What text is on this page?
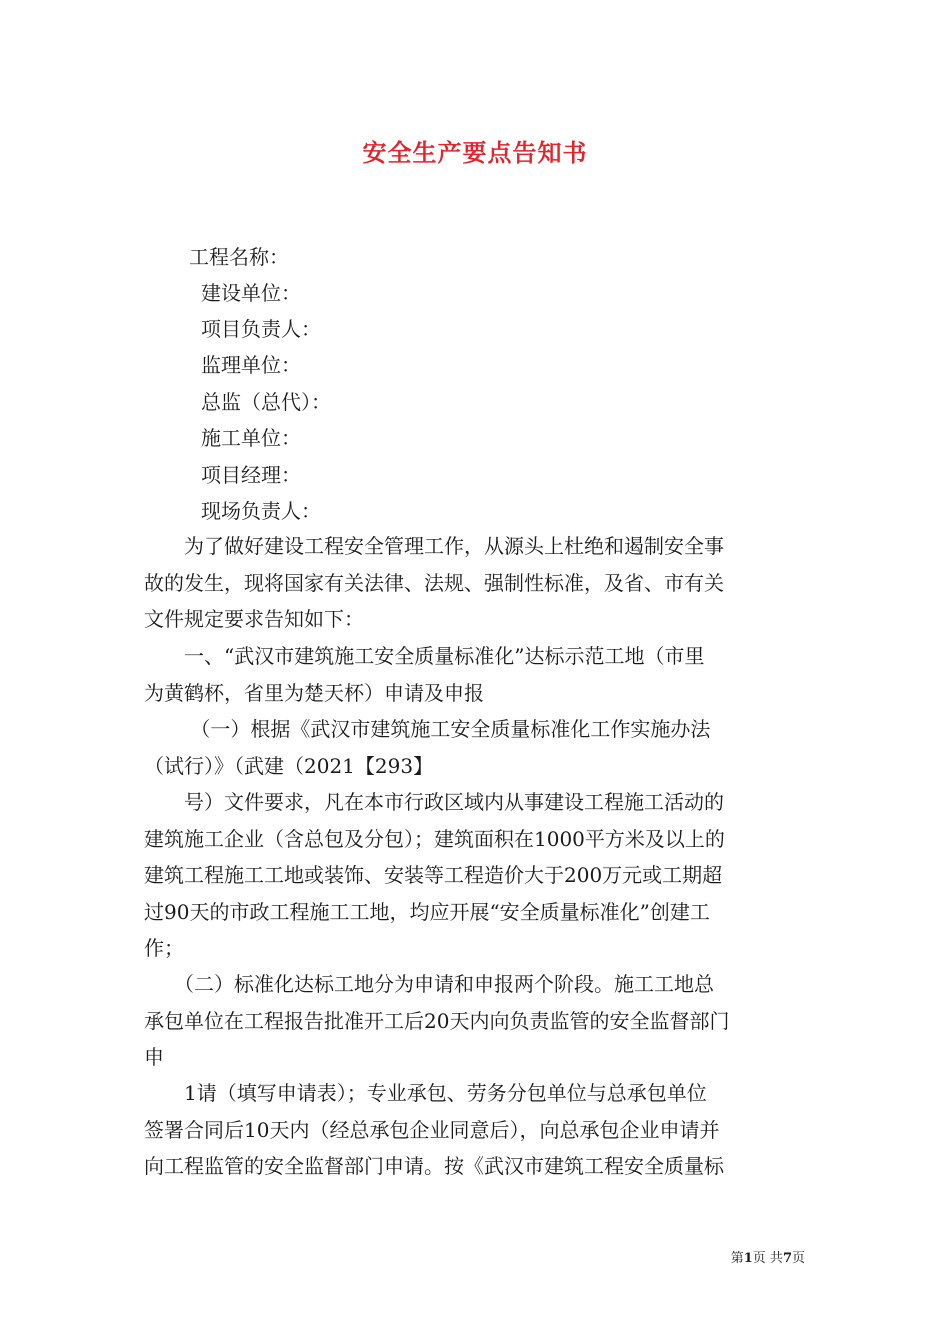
安全生产要点告知书
工程名称：
建设单位：
项目负责人：
监理单位：
总监（总代）：
施工单位：
项目经理：
现场负责人：
　　为了做好建设工程安全管理工作，从源头上杜绝和遏制安全事
故的发生，现将国家有关法律、法规、强制性标准，及省、市有关
文件规定要求告知如下：
　　一、“武汉市建筑施工安全质量标准化”达标示范工地（市里
为黄鹤杯，省里为楚天杯）申请及申报
　　 （一）根据《武汉市建筑施工安全质量标准化工作实施办法
（试行）》（武建（2021【293】
　　号）文件要求，凡在本市行政区域内从事建设工程施工活动的
建筑施工企业（含总包及分包）；建筑面积在1000平方米及以上的
建筑工程施工工地或装饰、安装等工程造价大于200万元或工期超
过90天的市政工程施工工地，均应开展“安全质量标准化”创建工
作；
　　（二）标准化达标工地分为申请和申报两个阶段。施工工地总
承包单位在工程报告批准开工后20天内向负责监管的安全监督部门
申
　　1请（填写申请表）；专业承包、劳务分包单位与总承包单位
签署合同后10天内（经总承包企业同意后），向总承包企业申请并
向工程监管的安全监督部门申请。按《武汉市建筑工程安全质量标
第1页 共7页
